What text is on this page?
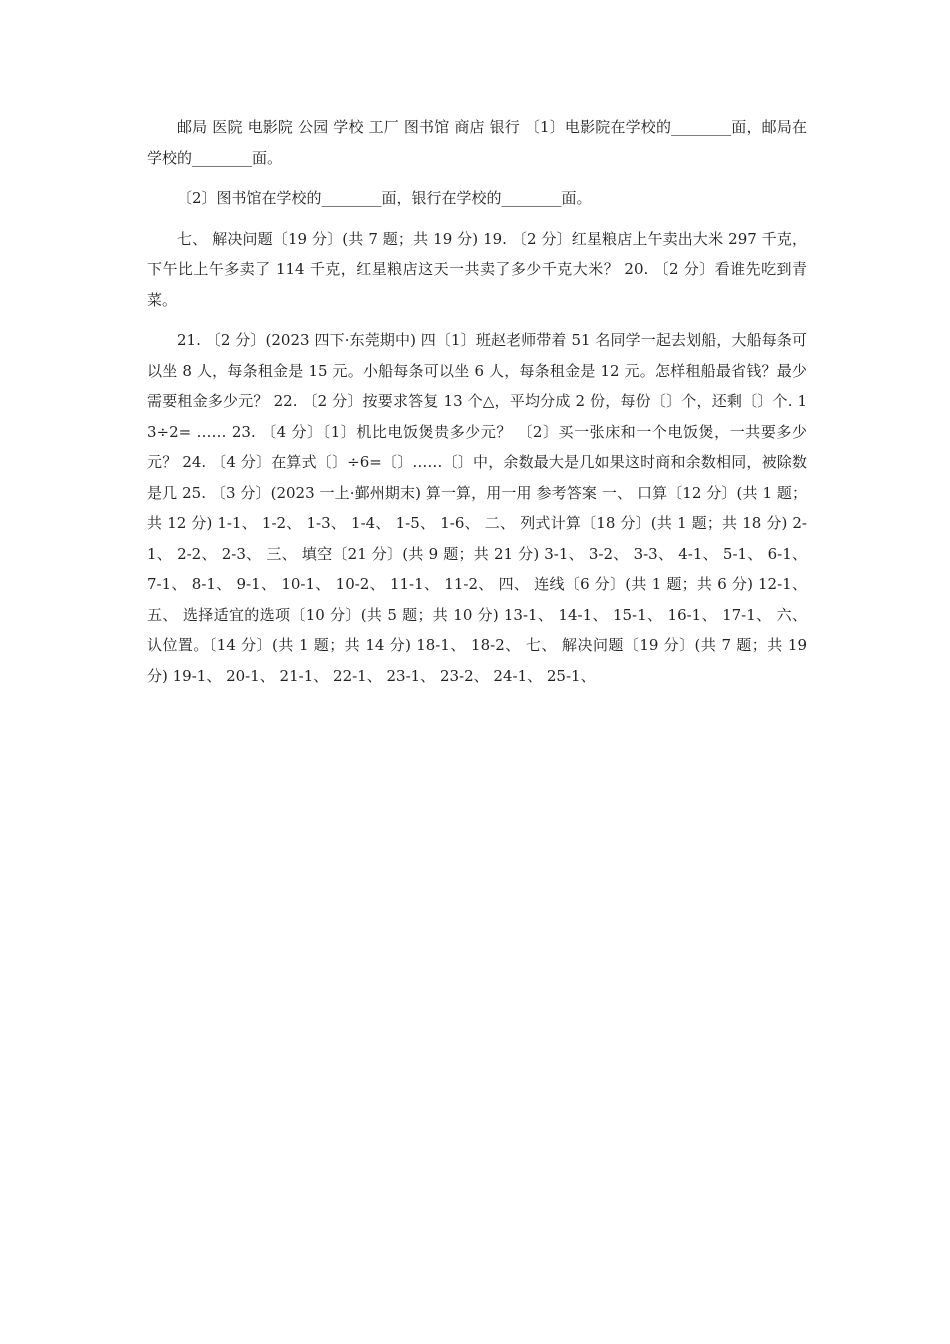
邮局 医院 电影院 公园 学校 工厂 图书馆 商店 银行 〔1〕电影院在学校的________面，邮局在学校的________面。

〔2〕图书馆在学校的________面，银行在学校的________面。

七、 解决问题〔19 分〕(共 7 题；共 19 分) 19. 〔2 分〕红星粮店上午卖出大米 297 千克，下午比上午多卖了 114 千克，红星粮店这天一共卖了多少千克大米？ 20. 〔2 分〕看谁先吃到青菜。

21. 〔2 分〕(2023 四下·东莞期中) 四〔1〕班赵老师带着 51 名同学一起去划船，大船每条可以坐 8 人，每条租金是 15 元。小船每条可以坐 6 人，每条租金是 12 元。怎样租船最省钱？最少需要租金多少元？ 22. 〔2 分〕按要求答复 13 个△，平均分成 2 份，每份〔〕个，还剩〔〕个. 13÷2= …… 23. 〔4 分〕〔1〕机比电饭煲贵多少元？ 〔2〕买一张床和一个电饭煲，一共要多少元？ 24. 〔4 分〕在算式〔〕÷6=〔〕……〔〕中，余数最大是几如果这时商和余数相同，被除数是几 25. 〔3 分〕(2023 一上·鄞州期末) 算一算，用一用 参考答案 一、 口算〔12 分〕(共 1 题；共 12 分) 1-1、 1-2、 1-3、 1-4、 1-5、 1-6、 二、 列式计算〔18 分〕(共 1 题；共 18 分) 2-1、 2-2、 2-3、 三、 填空〔21 分〕(共 9 题；共 21 分) 3-1、 3-2、 3-3、 4-1、 5-1、 6-1、 7-1、 8-1、 9-1、 10-1、 10-2、 11-1、 11-2、 四、 连线〔6 分〕(共 1 题；共 6 分) 12-1、 五、 选择适宜的选项〔10 分〕(共 5 题；共 10 分) 13-1、 14-1、 15-1、 16-1、 17-1、 六、 认位置。〔14 分〕(共 1 题；共 14 分) 18-1、 18-2、 七、 解决问题〔19 分〕(共 7 题；共 19 分) 19-1、 20-1、 21-1、 22-1、 23-1、 23-2、 24-1、 25-1、
